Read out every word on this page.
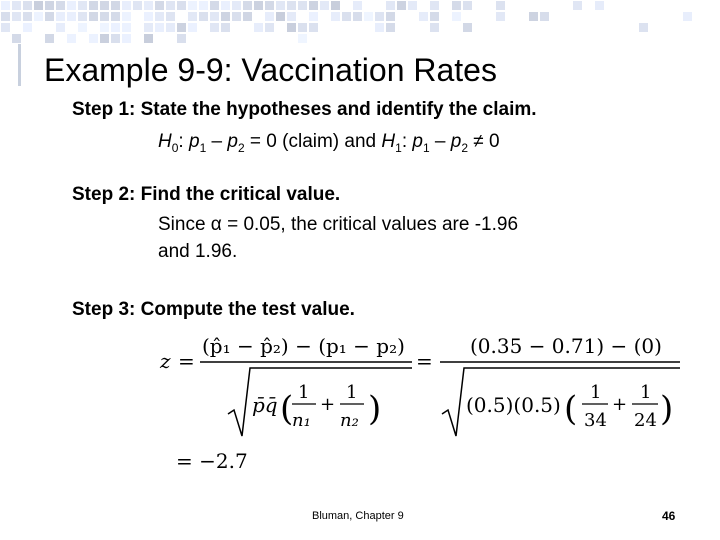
Example 9-9: Vaccination Rates
Step 1: State the hypotheses and identify the claim.
$H_0$: $p_1 - p_2 = 0$ (claim) and $H_1$: $p_1 - p_2 \ne 0$
Step 2: Find the critical value.
Since α = 0.05, the critical values are -1.96
and 1.96.
Step 3: Compute the test value.
z =
(p̂₁ − p̂₂) − (p₁ − p₂)
p̄q̄ ( 1
n₁
+
1
n₂ )
=
(0.35 − 0.71) − (0)
(0.5)(0.5) ( 1
34
+
1
24 )
= −2.7
Bluman, Chapter 9	46
